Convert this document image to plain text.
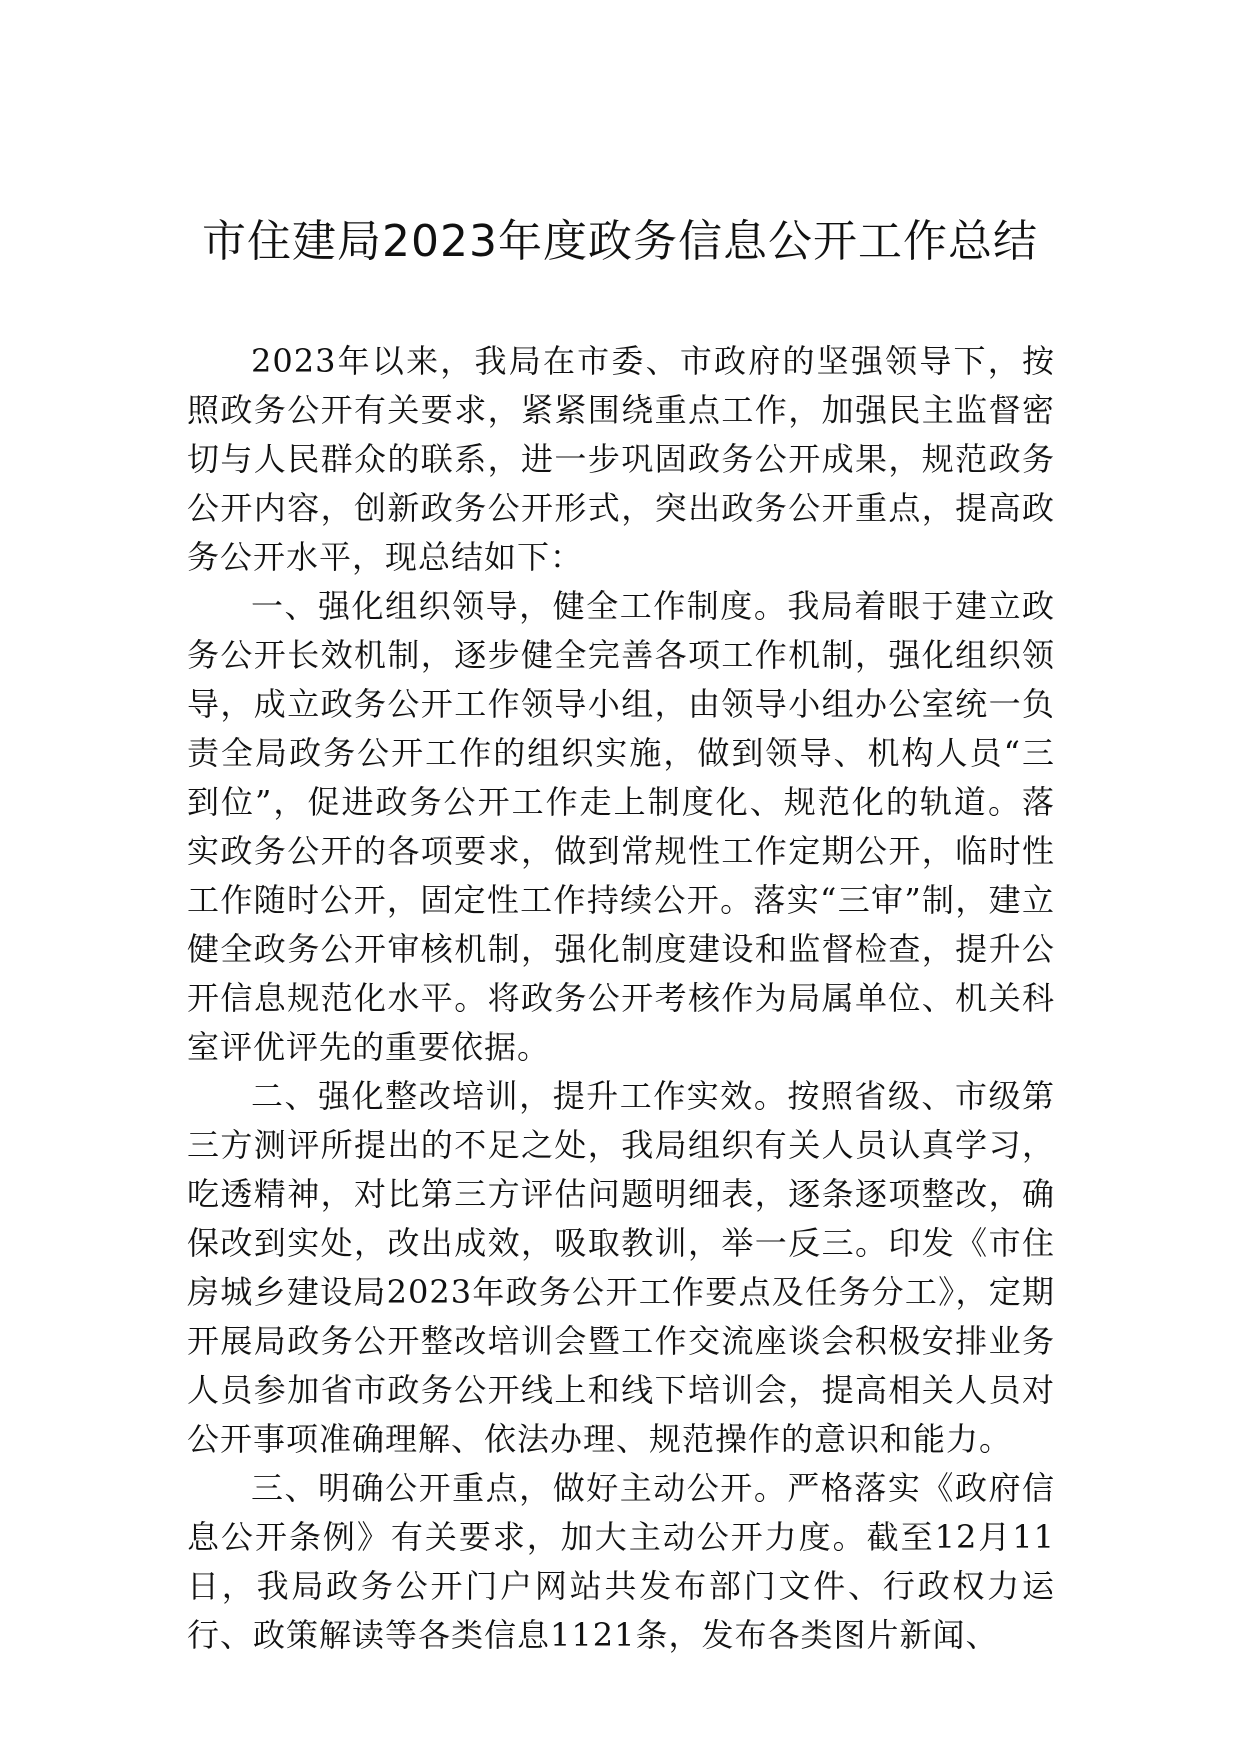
市住建局2023年度政务信息公开工作总结

2023年以来，我局在市委、市政府的坚强领导下，按照政务公开有关要求，紧紧围绕重点工作，加强民主监督密切与人民群众的联系，进一步巩固政务公开成果，规范政务公开内容，创新政务公开形式，突出政务公开重点，提高政务公开水平，现总结如下：

一、强化组织领导，健全工作制度。我局着眼于建立政务公开长效机制，逐步健全完善各项工作机制，强化组织领导，成立政务公开工作领导小组，由领导小组办公室统一负责全局政务公开工作的组织实施，做到领导、机构人员“三到位”，促进政务公开工作走上制度化、规范化的轨道。落实政务公开的各项要求，做到常规性工作定期公开，临时性工作随时公开，固定性工作持续公开。落实“三审”制，建立健全政务公开审核机制，强化制度建设和监督检查，提升公开信息规范化水平。将政务公开考核作为局属单位、机关科室评优评先的重要依据。

二、强化整改培训，提升工作实效。按照省级、市级第三方测评所提出的不足之处，我局组织有关人员认真学习，吃透精神，对比第三方评估问题明细表，逐条逐项整改，确保改到实处，改出成效，吸取教训，举一反三。印发《市住房城乡建设局2023年政务公开工作要点及任务分工》，定期开展局政务公开整改培训会暨工作交流座谈会积极安排业务人员参加省市政务公开线上和线下培训会，提高相关人员对公开事项准确理解、依法办理、规范操作的意识和能力。

三、明确公开重点，做好主动公开。严格落实《政府信息公开条例》有关要求，加大主动公开力度。截至12月11日，我局政务公开门户网站共发布部门文件、行政权力运行、政策解读等各类信息1121条，发布各类图片新闻、
